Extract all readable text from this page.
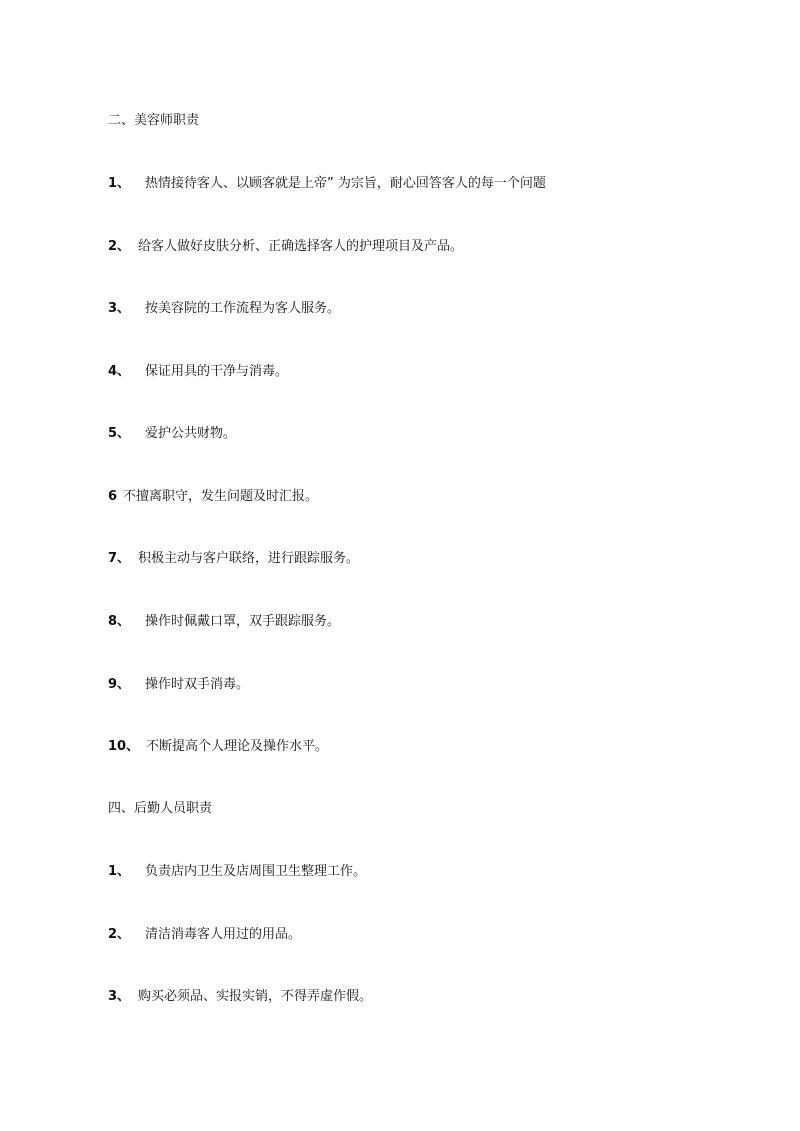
二、美容师职责
1、 热情接待客人、以顾客就是上帝” 为宗旨，耐心回答客人的每一个问题
2、 给客人做好皮肤分析、正确选择客人的护理项目及产品。
3、 按美容院的工作流程为客人服务。
4、 保证用具的干净与消毒。
5、 爱护公共财物。
6 不擅离职守，发生问题及时汇报。
7、 积极主动与客户联络，进行跟踪服务。
8、 操作时佩戴口罩，双手跟踪服务。
9、 操作时双手消毒。
10、 不断提高个人理论及操作水平。
四、后勤人员职责
1、 负责店内卫生及店周围卫生整理工作。
2、 清洁消毒客人用过的用品。
3、 购买必须品、实报实销，不得弄虚作假。
